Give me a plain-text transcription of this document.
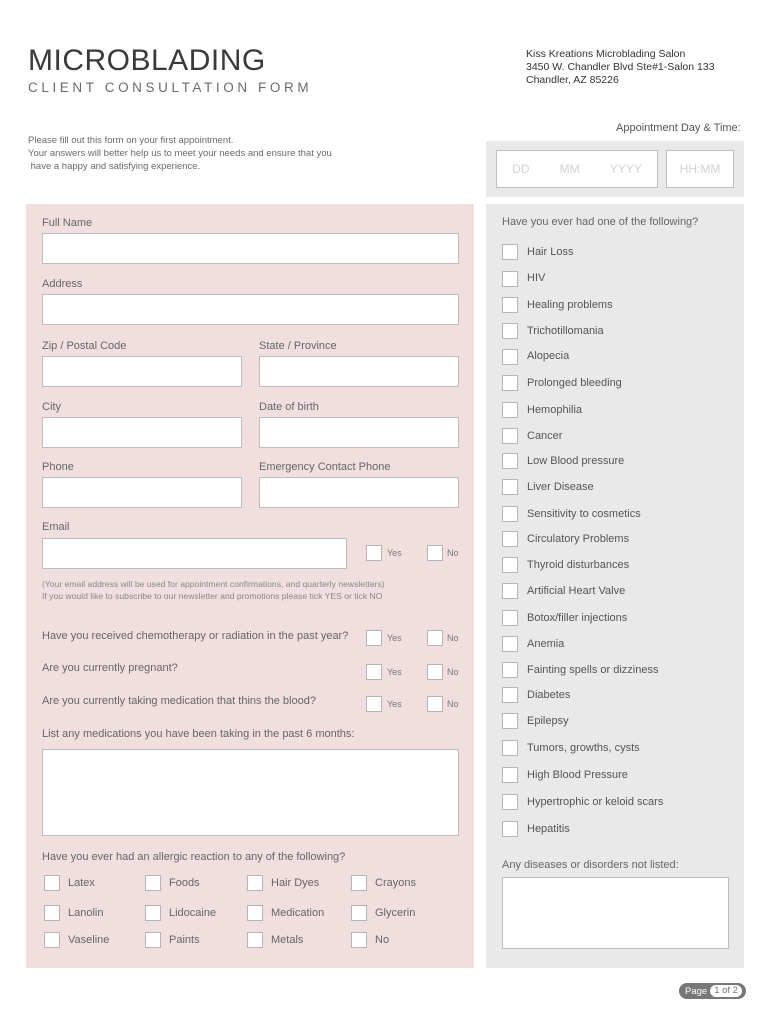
MICROBLADING
CLIENT CONSULTATION FORM
Kiss Kreations Microblading Salon
3450 W. Chandler Blvd Ste#1-Salon 133
Chandler, AZ 85226
Please fill out this form on your first appointment.
Your answers will better help us to meet your needs and ensure that you
have a happy and satisfying experience.
Appointment Day & Time:
DD	MM	YYYY	HH:MM
Full Name
Address
Zip / Postal Code	State / Province
City	Date of birth
Phone	Emergency Contact Phone
Email
Yes	No
(Your email address will be used for appointment confirmations, and quarterly newsletters)
If you would like to subscribe to our newsletter and promotions please tick YES or tick NO
Have you received chemotherapy or radiation in the past year?	Yes	No
Are you currently pregnant?	Yes	No
Are you currently taking medication that thins the blood?	Yes	No
List any medications you have been taking in the past 6 months:
Have you ever had an allergic reaction to any of the following?
Latex	Foods	Hair Dyes	Crayons
Lanolin	Lidocaine	Medication	Glycerin
Vaseline	Paints	Metals	No
Have you ever had one of the following?
Hair Loss
HIV
Healing problems
Trichotillomania
Alopecia
Prolonged bleeding
Hemophilia
Cancer
Low Blood pressure
Liver Disease
Sensitivity to cosmetics
Circulatory Problems
Thyroid disturbances
Artificial Heart Valve
Botox/filler injections
Anemia
Fainting spells or dizziness
Diabetes
Epilepsy
Tumors, growths, cysts
High Blood Pressure
Hypertrophic or keloid scars
Hepatitis
Any diseases or disorders not listed:
Page 1 of 2
